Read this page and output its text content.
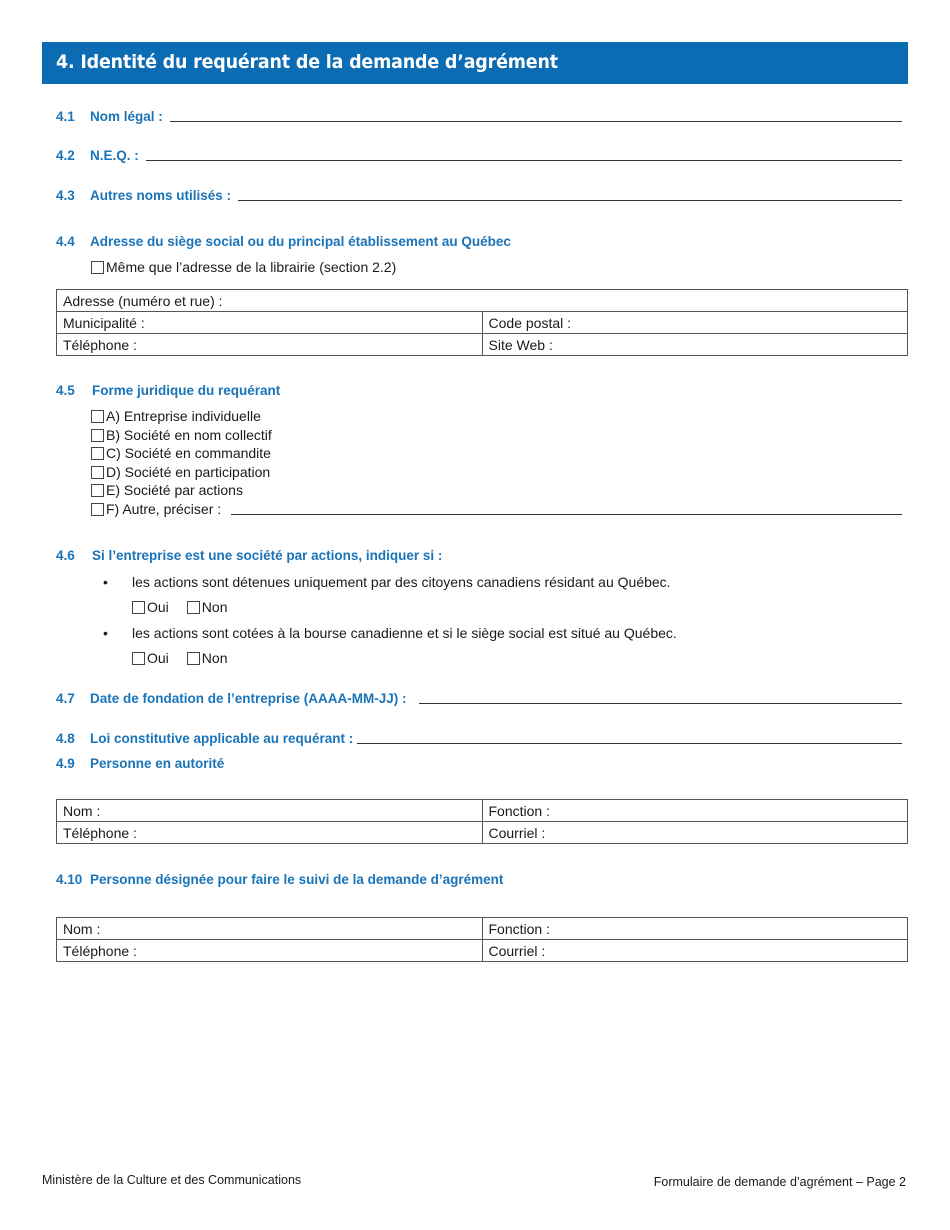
4. Identité du requérant de la demande d’agrément
4.1	Nom légal :
4.2	N.E.Q. :
4.3	Autres noms utilisés :
4.4	Adresse du siège social ou du principal établissement au Québec
Même que l’adresse de la librairie (section 2.2)
Adresse (numéro et rue) :	
Municipalité :	Code postal :
Téléphone :	Site Web :
4.5	Forme juridique du requérant
A) Entreprise individuelle
B) Société en nom collectif
C) Société en commandite
D) Société en participation
E) Société par actions
F) Autre, préciser :
4.6	Si l’entreprise est une société par actions, indiquer si :
• les actions sont détenues uniquement par des citoyens canadiens résidant au Québec.
Oui Non
• les actions sont cotées à la bourse canadienne et si le siège social est situé au Québec.
Oui Non
4.7	Date de fondation de l’entreprise (AAAA-MM-JJ) :
4.8	Loi constitutive applicable au requérant :
4.9	Personne en autorité
Nom :	Fonction :
Téléphone :	Courriel :
4.10 Personne désignée pour faire le suivi de la demande d’agrément
Nom :	Fonction :
Téléphone :	Courriel :
Ministère de la Culture et des Communications	Formulaire de demande d’agrément – Page 2
